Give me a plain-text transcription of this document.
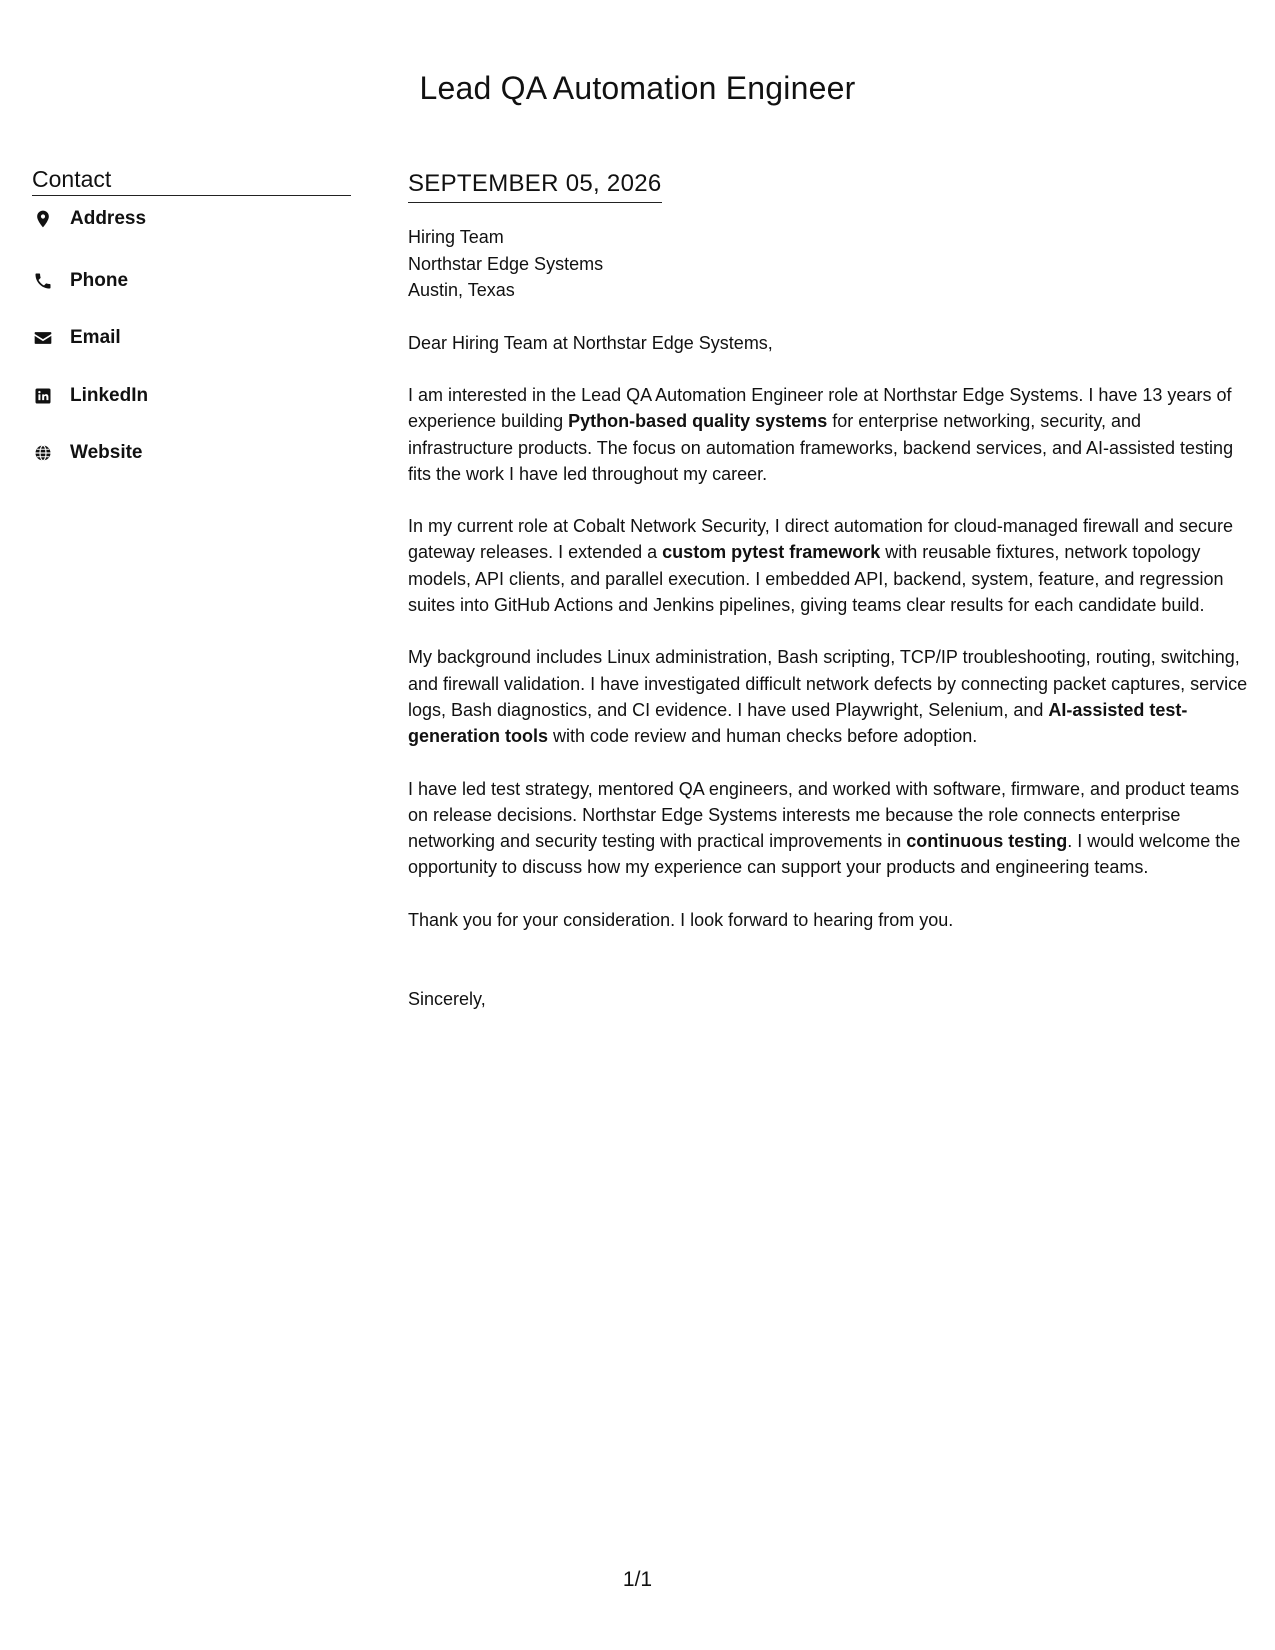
Lead QA Automation Engineer
Contact
Address
Phone
Email
LinkedIn
Website
SEPTEMBER 05, 2026
Hiring Team
Northstar Edge Systems
Austin, Texas
Dear Hiring Team at Northstar Edge Systems,
I am interested in the Lead QA Automation Engineer role at Northstar Edge Systems. I have 13 years of experience building Python-based quality systems for enterprise networking, security, and infrastructure products. The focus on automation frameworks, backend services, and AI-assisted testing fits the work I have led throughout my career.
In my current role at Cobalt Network Security, I direct automation for cloud-managed firewall and secure gateway releases. I extended a custom pytest framework with reusable fixtures, network topology models, API clients, and parallel execution. I embedded API, backend, system, feature, and regression suites into GitHub Actions and Jenkins pipelines, giving teams clear results for each candidate build.
My background includes Linux administration, Bash scripting, TCP/IP troubleshooting, routing, switching, and firewall validation. I have investigated difficult network defects by connecting packet captures, service logs, Bash diagnostics, and CI evidence. I have used Playwright, Selenium, and AI-assisted test-generation tools with code review and human checks before adoption.
I have led test strategy, mentored QA engineers, and worked with software, firmware, and product teams on release decisions. Northstar Edge Systems interests me because the role connects enterprise networking and security testing with practical improvements in continuous testing. I would welcome the opportunity to discuss how my experience can support your products and engineering teams.
Thank you for your consideration. I look forward to hearing from you.
Sincerely,
1/1
